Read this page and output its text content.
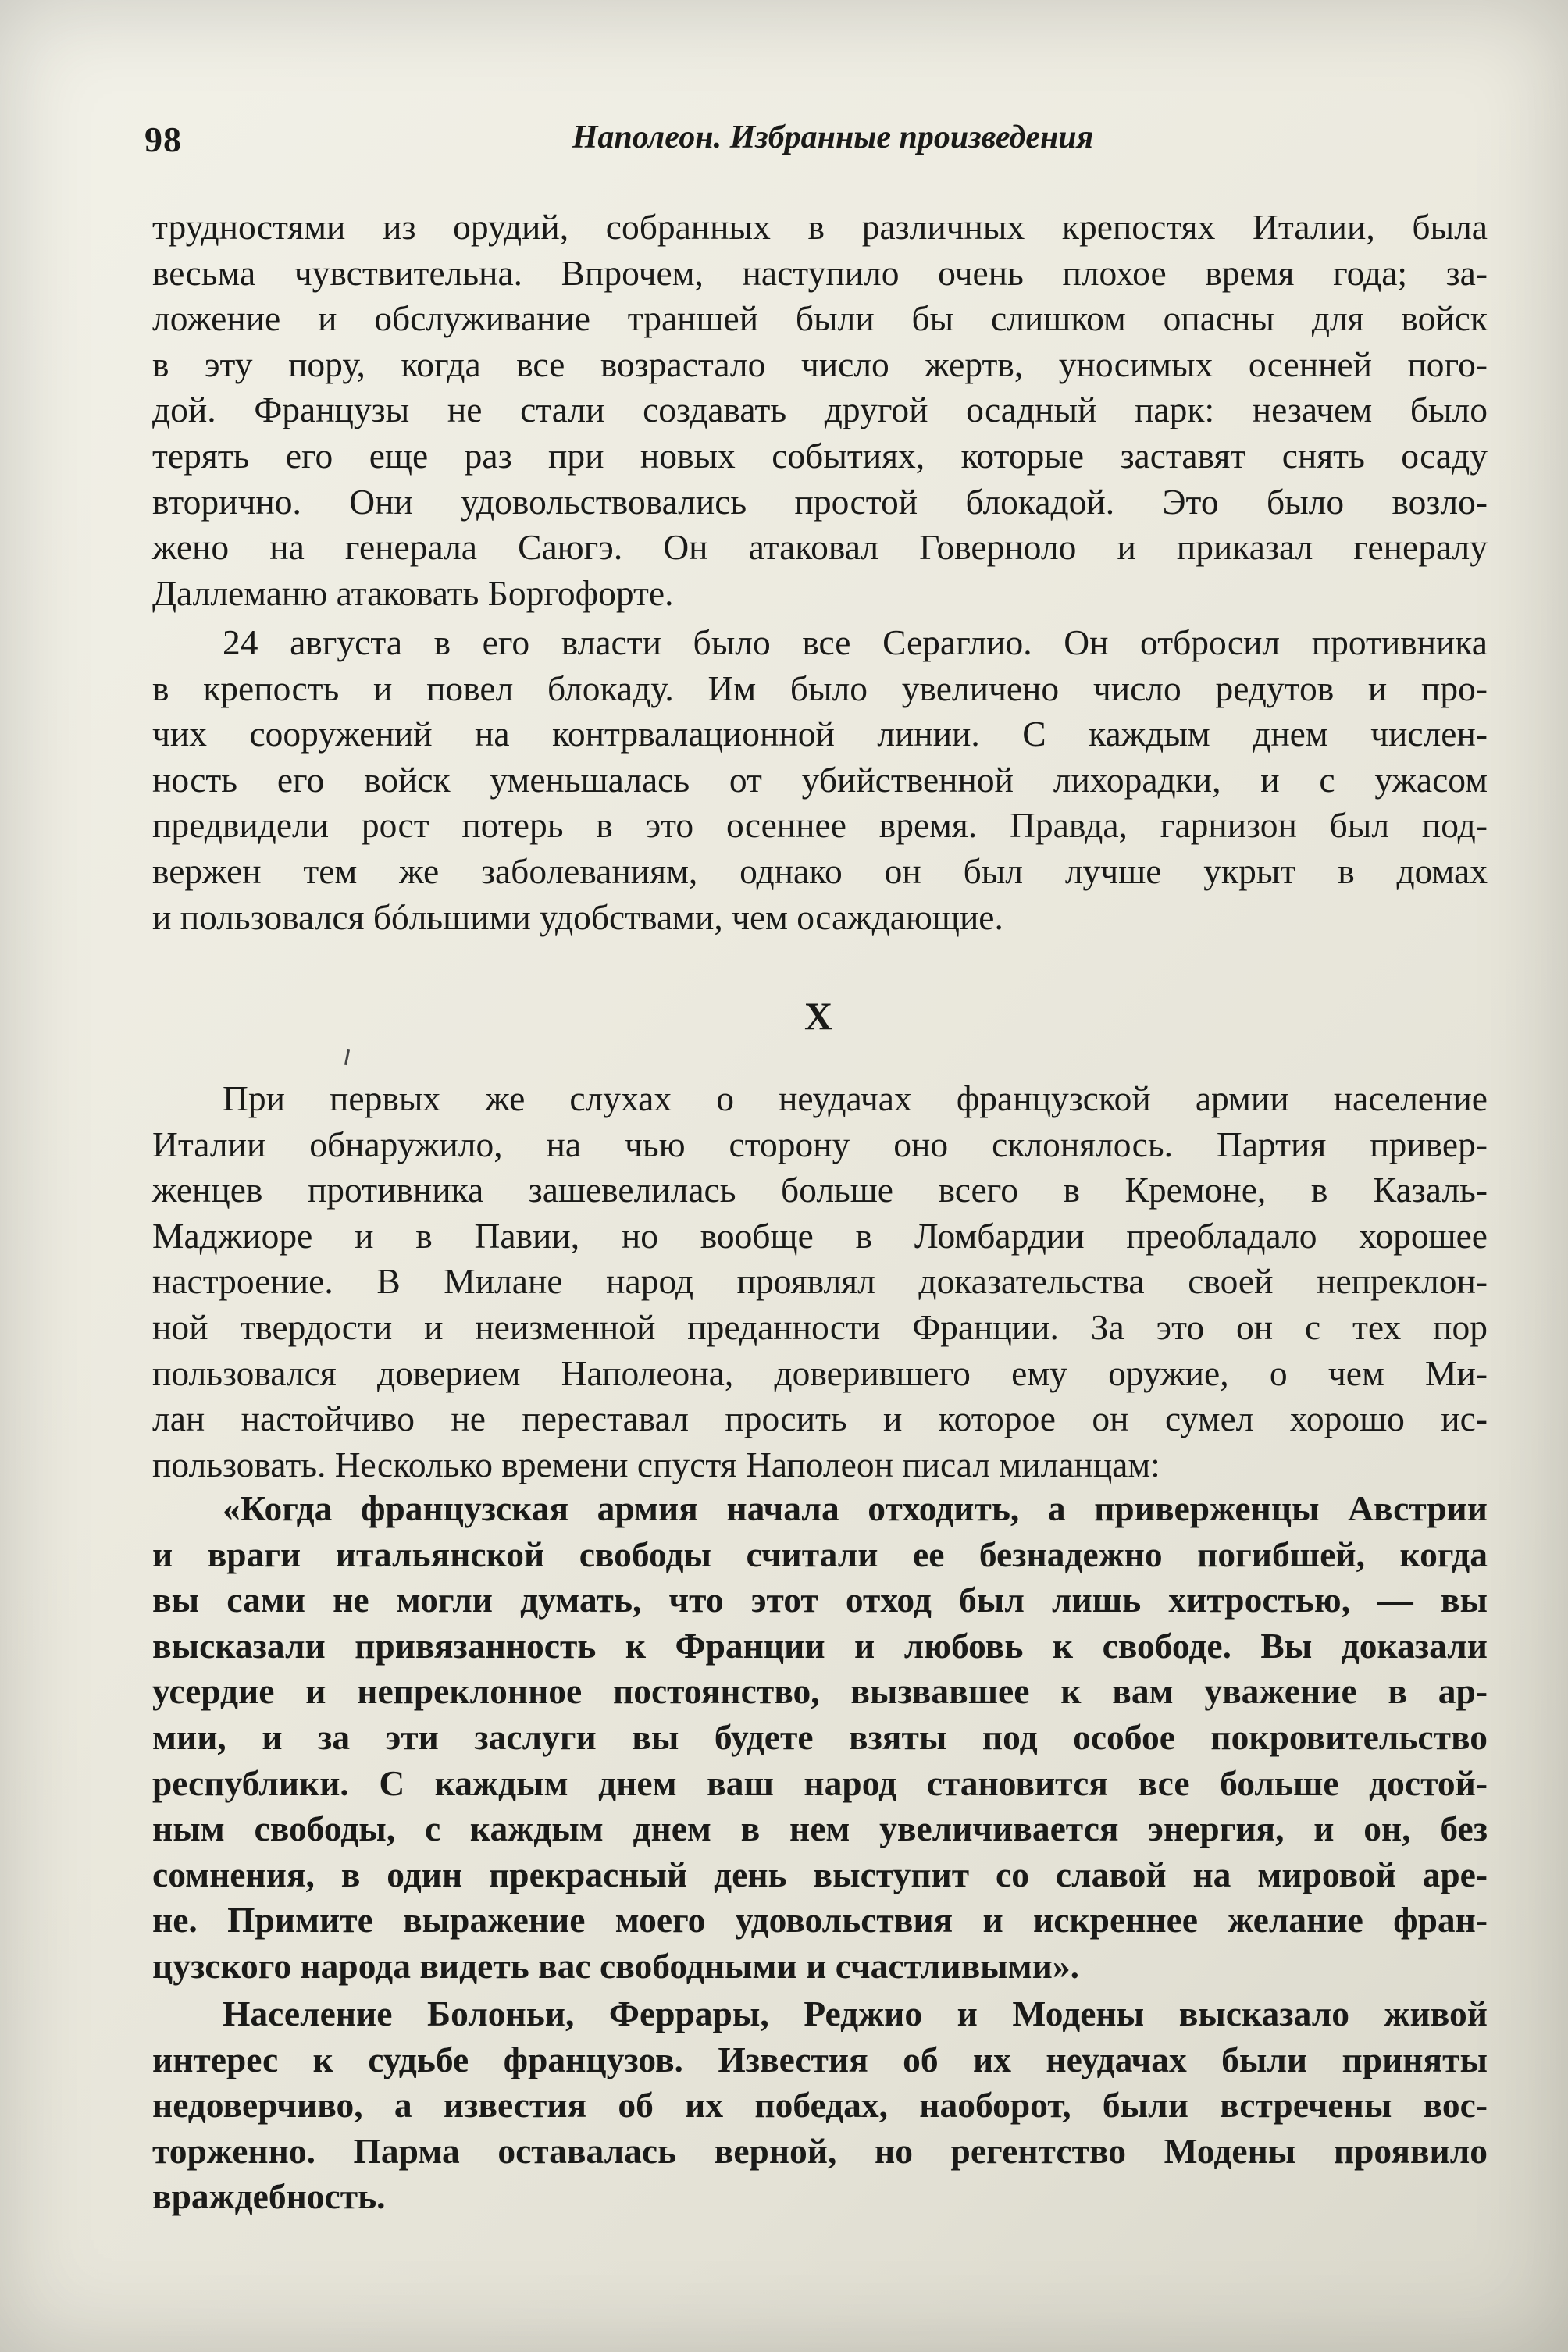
98	Наполеон. Избранные произведения
трудностями из орудий, собранных в различных крепостях Италии, была
весьма чувствительна. Впрочем, наступило очень плохое время года; за-
ложение и обслуживание траншей были бы слишком опасны для войск
в эту пору, когда все возрастало число жертв, уносимых осенней пого-
дой. Французы не стали создавать другой осадный парк: незачем было
терять его еще раз при новых событиях, которые заставят снять осаду
вторично. Они удовольствовались простой блокадой. Это было возло-
жено на генерала Саюгэ. Он атаковал Говерноло и приказал генералу
Даллеманю атаковать Боргофорте.
24 августа в его власти было все Сераглио. Он отбросил противника
в крепость и повел блокаду. Им было увеличено число редутов и про-
чих сооружений на контрвалационной линии. С каждым днем числен-
ность его войск уменьшалась от убийственной лихорадки, и с ужасом
предвидели рост потерь в это осеннее время. Правда, гарнизон был под-
вержен тем же заболеваниям, однако он был лучше укрыт в домах
и пользовался бóльшими удобствами, чем осаждающие.
X
При первых же слухах о неудачах французской армии население
Италии обнаружило, на чью сторону оно склонялось. Партия привер-
женцев противника зашевелилась больше всего в Кремоне, в Казаль-
Маджиоре и в Павии, но вообще в Ломбардии преобладало хорошее
настроение. В Милане народ проявлял доказательства своей непреклон-
ной твердости и неизменной преданности Франции. За это он с тех пор
пользовался доверием Наполеона, доверившего ему оружие, о чем Ми-
лан настойчиво не переставал просить и которое он сумел хорошо ис-
пользовать. Несколько времени спустя Наполеон писал миланцам:
«Когда французская армия начала отходить, а приверженцы Австрии
и враги итальянской свободы считали ее безнадежно погибшей, когда
вы сами не могли думать, что этот отход был лишь хитростью, — вы
высказали привязанность к Франции и любовь к свободе. Вы доказали
усердие и непреклонное постоянство, вызвавшее к вам уважение в ар-
мии, и за эти заслуги вы будете взяты под особое покровительство
республики. С каждым днем ваш народ становится все больше достой-
ным свободы, с каждым днем в нем увеличивается энергия, и он, без
сомнения, в один прекрасный день выступит со славой на мировой аре-
не. Примите выражение моего удовольствия и искреннее желание фран-
цузского народа видеть вас свободными и счастливыми».
Население Болоньи, Феррары, Реджио и Модены высказало живой
интерес к судьбе французов. Известия об их неудачах были приняты
недоверчиво, а известия об их победах, наоборот, были встречены вос-
торженно. Парма оставалась верной, но регентство Модены проявило
враждебность.
